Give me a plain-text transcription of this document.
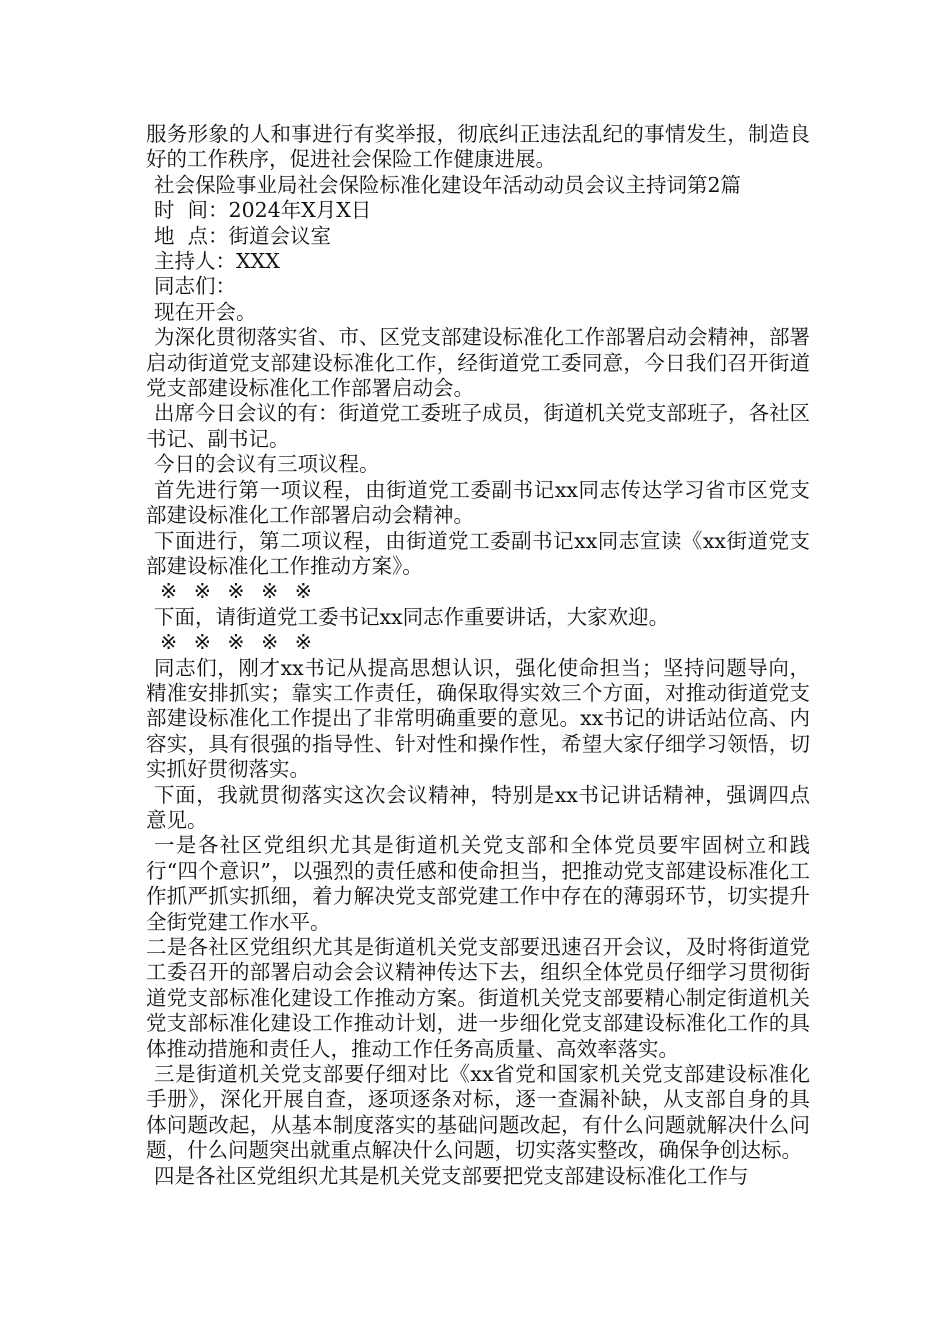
服务形象的人和事进行有奖举报，彻底纠正违法乱纪的事情发生，制造良好的工作秩序，促进社会保险工作健康进展。

社会保险事业局社会保险标准化建设年活动动员会议主持词第2篇

时  间：2024年X月X日

地  点：街道会议室

主持人：XXX

同志们：

现在开会。

为深化贯彻落实省、市、区党支部建设标准化工作部署启动会精神，部署启动街道党支部建设标准化工作，经街道党工委同意，今日我们召开街道党支部建设标准化工作部署启动会。

出席今日会议的有：街道党工委班子成员，街道机关党支部班子，各社区书记、副书记。

今日的会议有三项议程。

首先进行第一项议程，由街道党工委副书记xx同志传达学习省市区党支部建设标准化工作部署启动会精神。

下面进行，第二项议程，由街道党工委副书记xx同志宣读《xx街道党支部建设标准化工作推动方案》。

※ ※ ※ ※ ※

下面，请街道党工委书记xx同志作重要讲话，大家欢迎。

※ ※ ※ ※ ※

同志们，刚才xx书记从提高思想认识，强化使命担当；坚持问题导向，精准安排抓实；靠实工作责任，确保取得实效三个方面，对推动街道党支部建设标准化工作提出了非常明确重要的意见。xx书记的讲话站位高、内容实，具有很强的指导性、针对性和操作性，希望大家仔细学习领悟，切实抓好贯彻落实。

下面，我就贯彻落实这次会议精神，特别是xx书记讲话精神，强调四点意见。

一是各社区党组织尤其是街道机关党支部和全体党员要牢固树立和践行“四个意识”，以强烈的责任感和使命担当，把推动党支部建设标准化工作抓严抓实抓细，着力解决党支部党建工作中存在的薄弱环节，切实提升全街党建工作水平。

二是各社区党组织尤其是街道机关党支部要迅速召开会议，及时将街道党工委召开的部署启动会会议精神传达下去，组织全体党员仔细学习贯彻街道党支部标准化建设工作推动方案。街道机关党支部要精心制定街道机关党支部标准化建设工作推动计划，进一步细化党支部建设标准化工作的具体推动措施和责任人，推动工作任务高质量、高效率落实。

三是街道机关党支部要仔细对比《xx省党和国家机关党支部建设标准化手册》，深化开展自查，逐项逐条对标，逐一查漏补缺，从支部自身的具体问题改起，从基本制度落实的基础问题改起，有什么问题就解决什么问题，什么问题突出就重点解决什么问题，切实落实整改，确保争创达标。

四是各社区党组织尤其是机关党支部要把党支部建设标准化工作与
